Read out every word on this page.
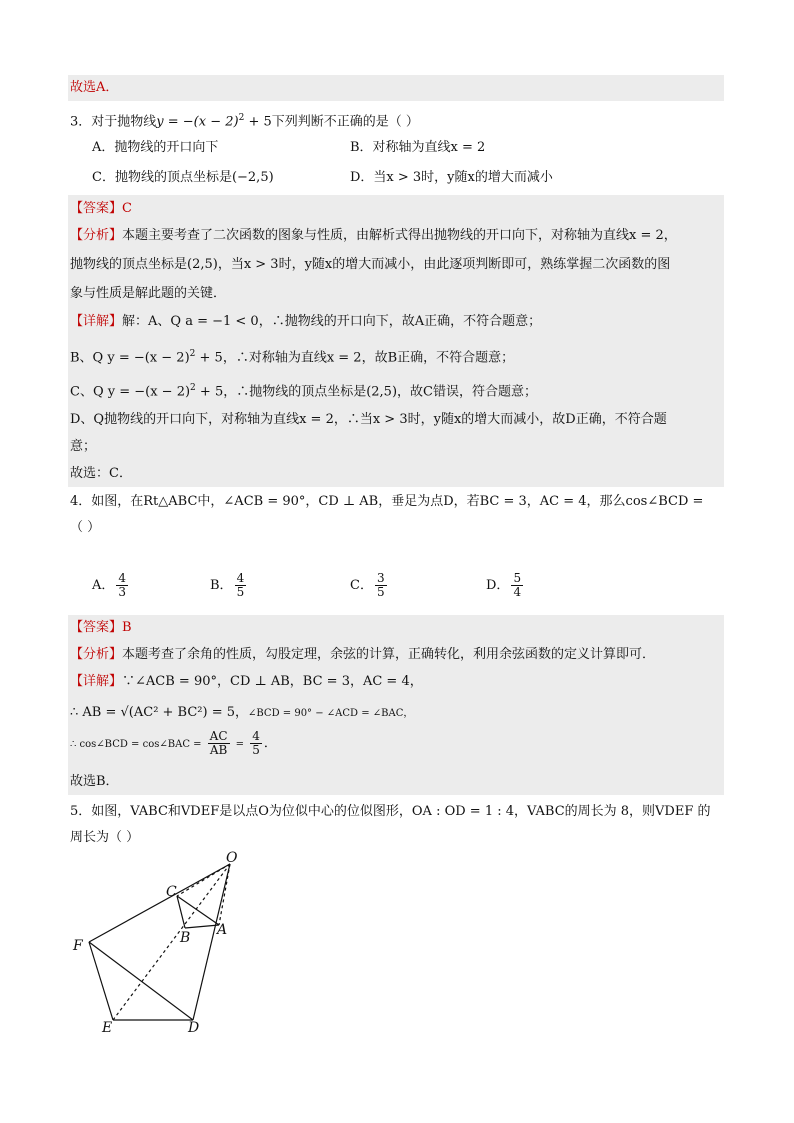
故选A．
3．对于抛物线$y = -(x - 2)^2 + 5$下列判断不正确的是（ ）
A．抛物线的开口向下	B．对称轴为直线x = 2
C．抛物线的顶点坐标是(−2,5)	D．当x > 3时，y随x的增大而减小
【答案】C
【分析】本题主要考查了二次函数的图象与性质，由解析式得出抛物线的开口向下，对称轴为直线x = 2，
抛物线的顶点坐标是(2,5)，当x > 3时，y随x的增大而减小，由此逐项判断即可，熟练掌握二次函数的图
象与性质是解此题的关键．
【详解】解：A、Q a = −1 < 0，∴抛物线的开口向下，故A正确，不符合题意；
B、Q $y = -(x - 2)^2 + 5$，∴对称轴为直线x = 2，故B正确，不符合题意；
C、Q $y = -(x - 2)^2 + 5$，∴抛物线的顶点坐标是(2,5)，故C错误，符合题意；
D、Q抛物线的开口向下，对称轴为直线x = 2，∴当x > 3时，y随x的增大而减小，故D正确，不符合题
意；
故选：C．
4．如图，在Rt△ABC中，∠ACB = 90°，CD ⊥ AB，垂足为点D，若BC = 3，AC = 4，那么cos∠BCD =
（ ）
A． $\frac{4}{3}$	B． $\frac{4}{5}$	C． $\frac{3}{5}$	D． $\frac{5}{4}$
【答案】B
【分析】本题考查了余角的性质，勾股定理，余弦的计算，正确转化，利用余弦函数的定义计算即可．
【详解】∵∠ACB = 90°，CD ⊥ AB，BC = 3，AC = 4，
∴ AB = √(AC² + BC²) = 5，∠BCD = 90° − ∠ACD = ∠BAC，
∴ cos∠BCD = cos∠BAC = $\frac{AC}{AB} = \frac{4}{5}$ ．
故选B．
5．如图，VABC和VDEF是以点O为位似中心的位似图形，OA : OD = 1 : 4，VABC的周长为 8，则VDEF 的
周长为（ ）
O
C
B A
F
E	D
